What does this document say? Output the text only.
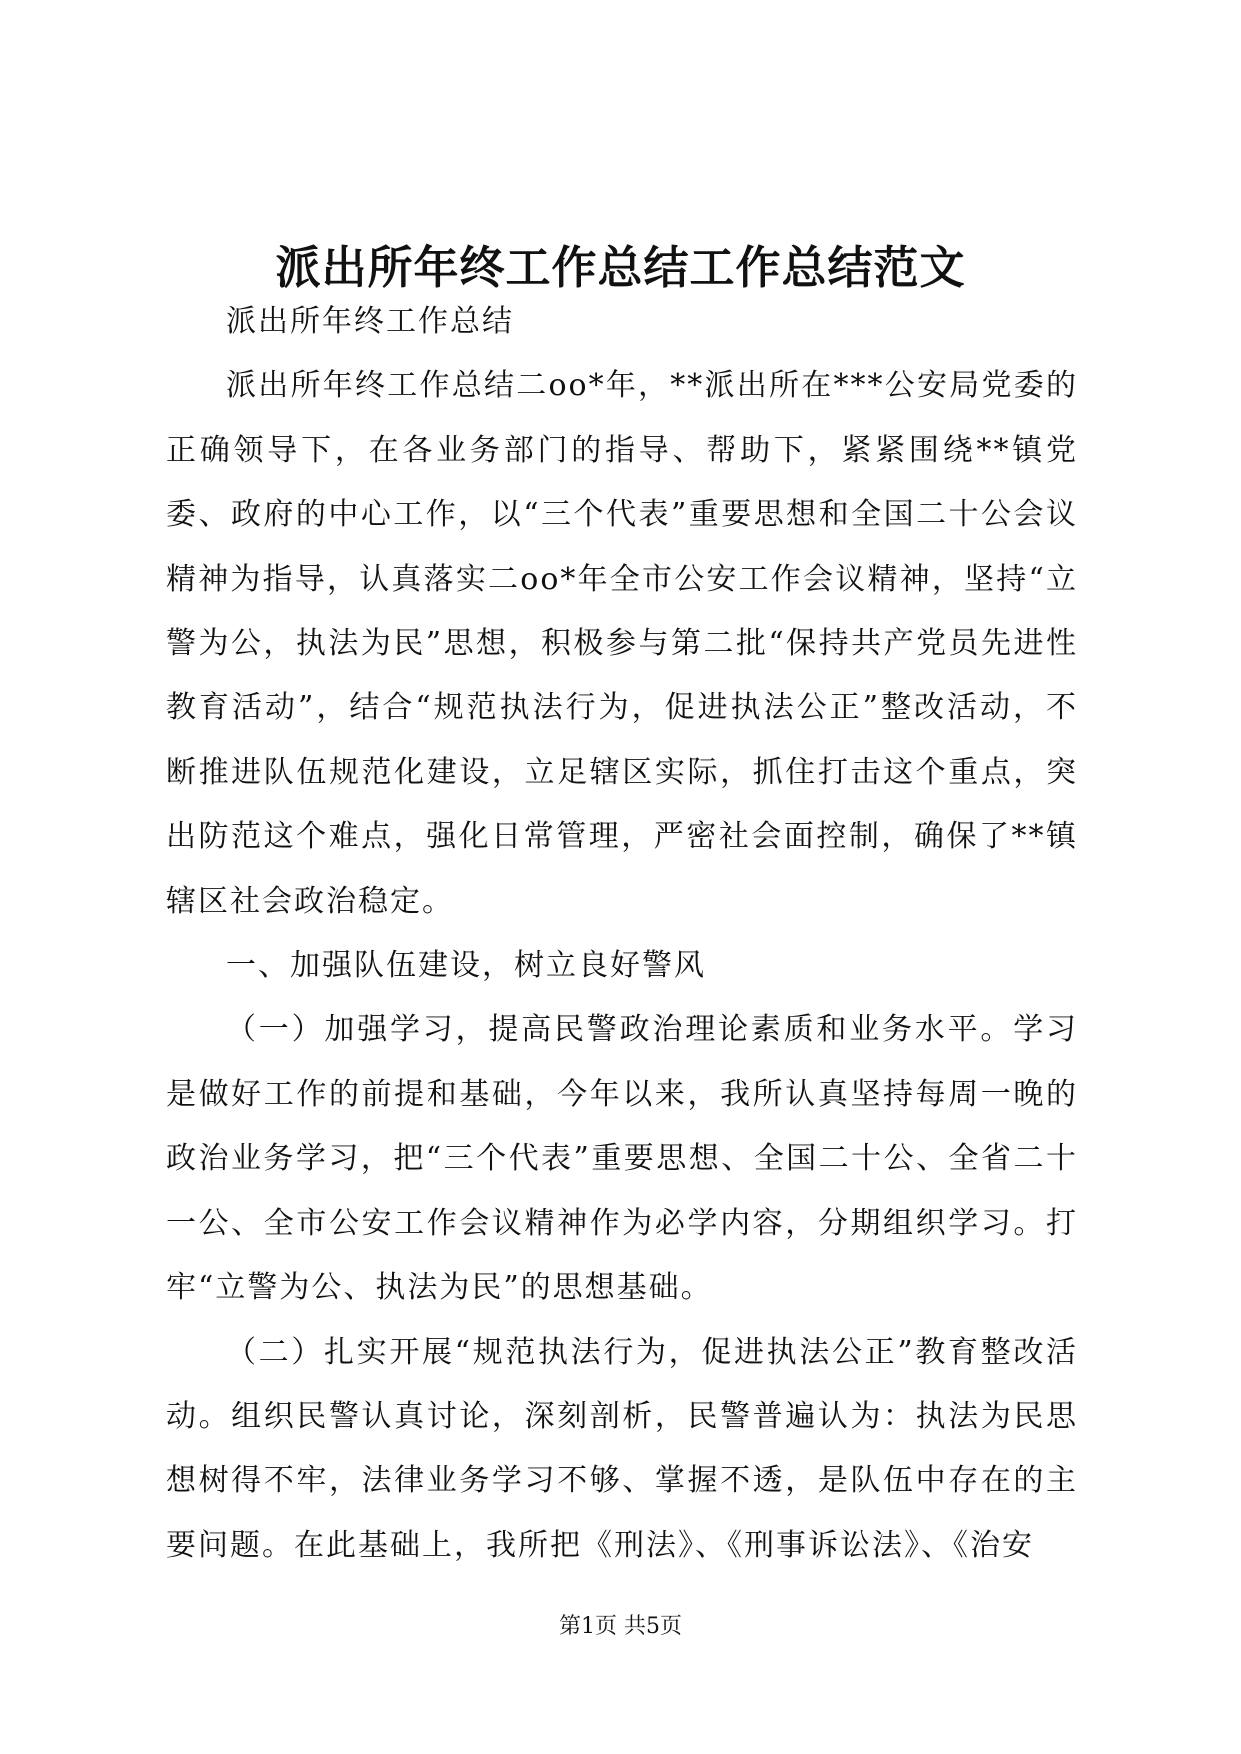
派出所年终工作总结工作总结范文

派出所年终工作总结

派出所年终工作总结二oo*年，**派出所在***公安局党委的正确领导下，在各业务部门的指导、帮助下，紧紧围绕**镇党委、政府的中心工作，以“三个代表”重要思想和全国二十公会议精神为指导，认真落实二oo*年全市公安工作会议精神，坚持“立警为公，执法为民”思想，积极参与第二批“保持共产党员先进性教育活动”，结合“规范执法行为，促进执法公正”整改活动，不断推进队伍规范化建设，立足辖区实际，抓住打击这个重点，突出防范这个难点，强化日常管理，严密社会面控制，确保了**镇辖区社会政治稳定。

一、加强队伍建设，树立良好警风

（一）加强学习，提高民警政治理论素质和业务水平。学习是做好工作的前提和基础，今年以来，我所认真坚持每周一晚的政治业务学习，把“三个代表”重要思想、全国二十公、全省二十一公、全市公安工作会议精神作为必学内容，分期组织学习。打牢“立警为公、执法为民”的思想基础。

（二）扎实开展“规范执法行为，促进执法公正”教育整改活动。组织民警认真讨论，深刻剖析，民警普遍认为：执法为民思想树得不牢，法律业务学习不够、掌握不透，是队伍中存在的主要问题。在此基础上，我所把《刑法》、《刑事诉讼法》、《治安

第1页 共5页
